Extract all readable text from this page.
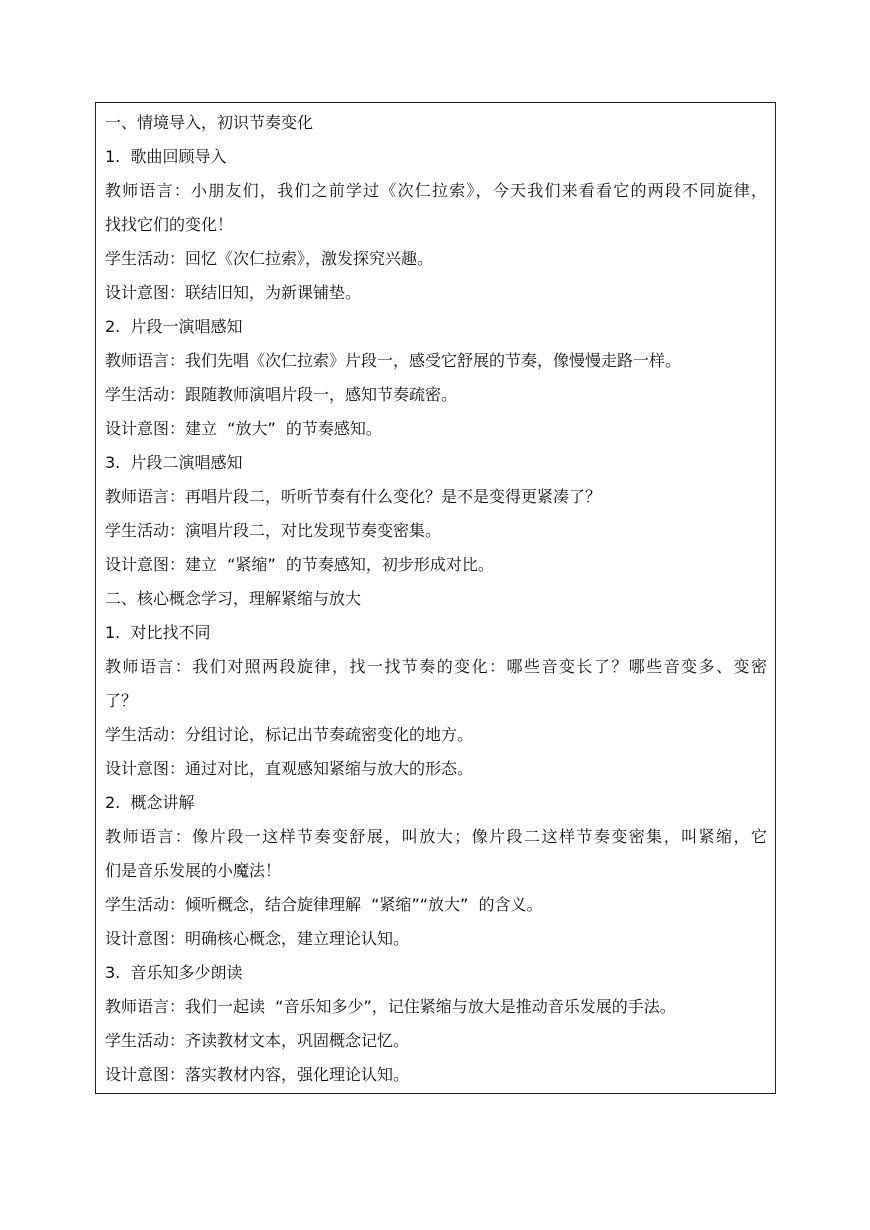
一、情境导入，初识节奏变化

1.  歌曲回顾导入

教师语言：小朋友们，我们之前学过《次仁拉索》，今天我们来看看它的两段不同旋律，

找找它们的变化！

学生活动：回忆《次仁拉索》，激发探究兴趣。

设计意图：联结旧知，为新课铺垫。

2.  片段一演唱感知

教师语言：我们先唱《次仁拉索》片段一，感受它舒展的节奏，像慢慢走路一样。

学生活动：跟随教师演唱片段一，感知节奏疏密。

设计意图：建立  “放大”  的节奏感知。

3.  片段二演唱感知

教师语言：再唱片段二，听听节奏有什么变化？是不是变得更紧凑了？

学生活动：演唱片段二，对比发现节奏变密集。

设计意图：建立  “紧缩”  的节奏感知，初步形成对比。

二、核心概念学习，理解紧缩与放大

1.  对比找不同

教师语言：我们对照两段旋律，找一找节奏的变化：哪些音变长了？哪些音变多、变密

了？

学生活动：分组讨论，标记出节奏疏密变化的地方。

设计意图：通过对比，直观感知紧缩与放大的形态。

2.  概念讲解

教师语言：像片段一这样节奏变舒展，叫放大；像片段二这样节奏变密集，叫紧缩，它

们是音乐发展的小魔法！

学生活动：倾听概念，结合旋律理解  “紧缩”“放大”  的含义。

设计意图：明确核心概念，建立理论认知。

3.  音乐知多少朗读

教师语言：我们一起读  “音乐知多少”，记住紧缩与放大是推动音乐发展的手法。

学生活动：齐读教材文本，巩固概念记忆。

设计意图：落实教材内容，强化理论认知。
